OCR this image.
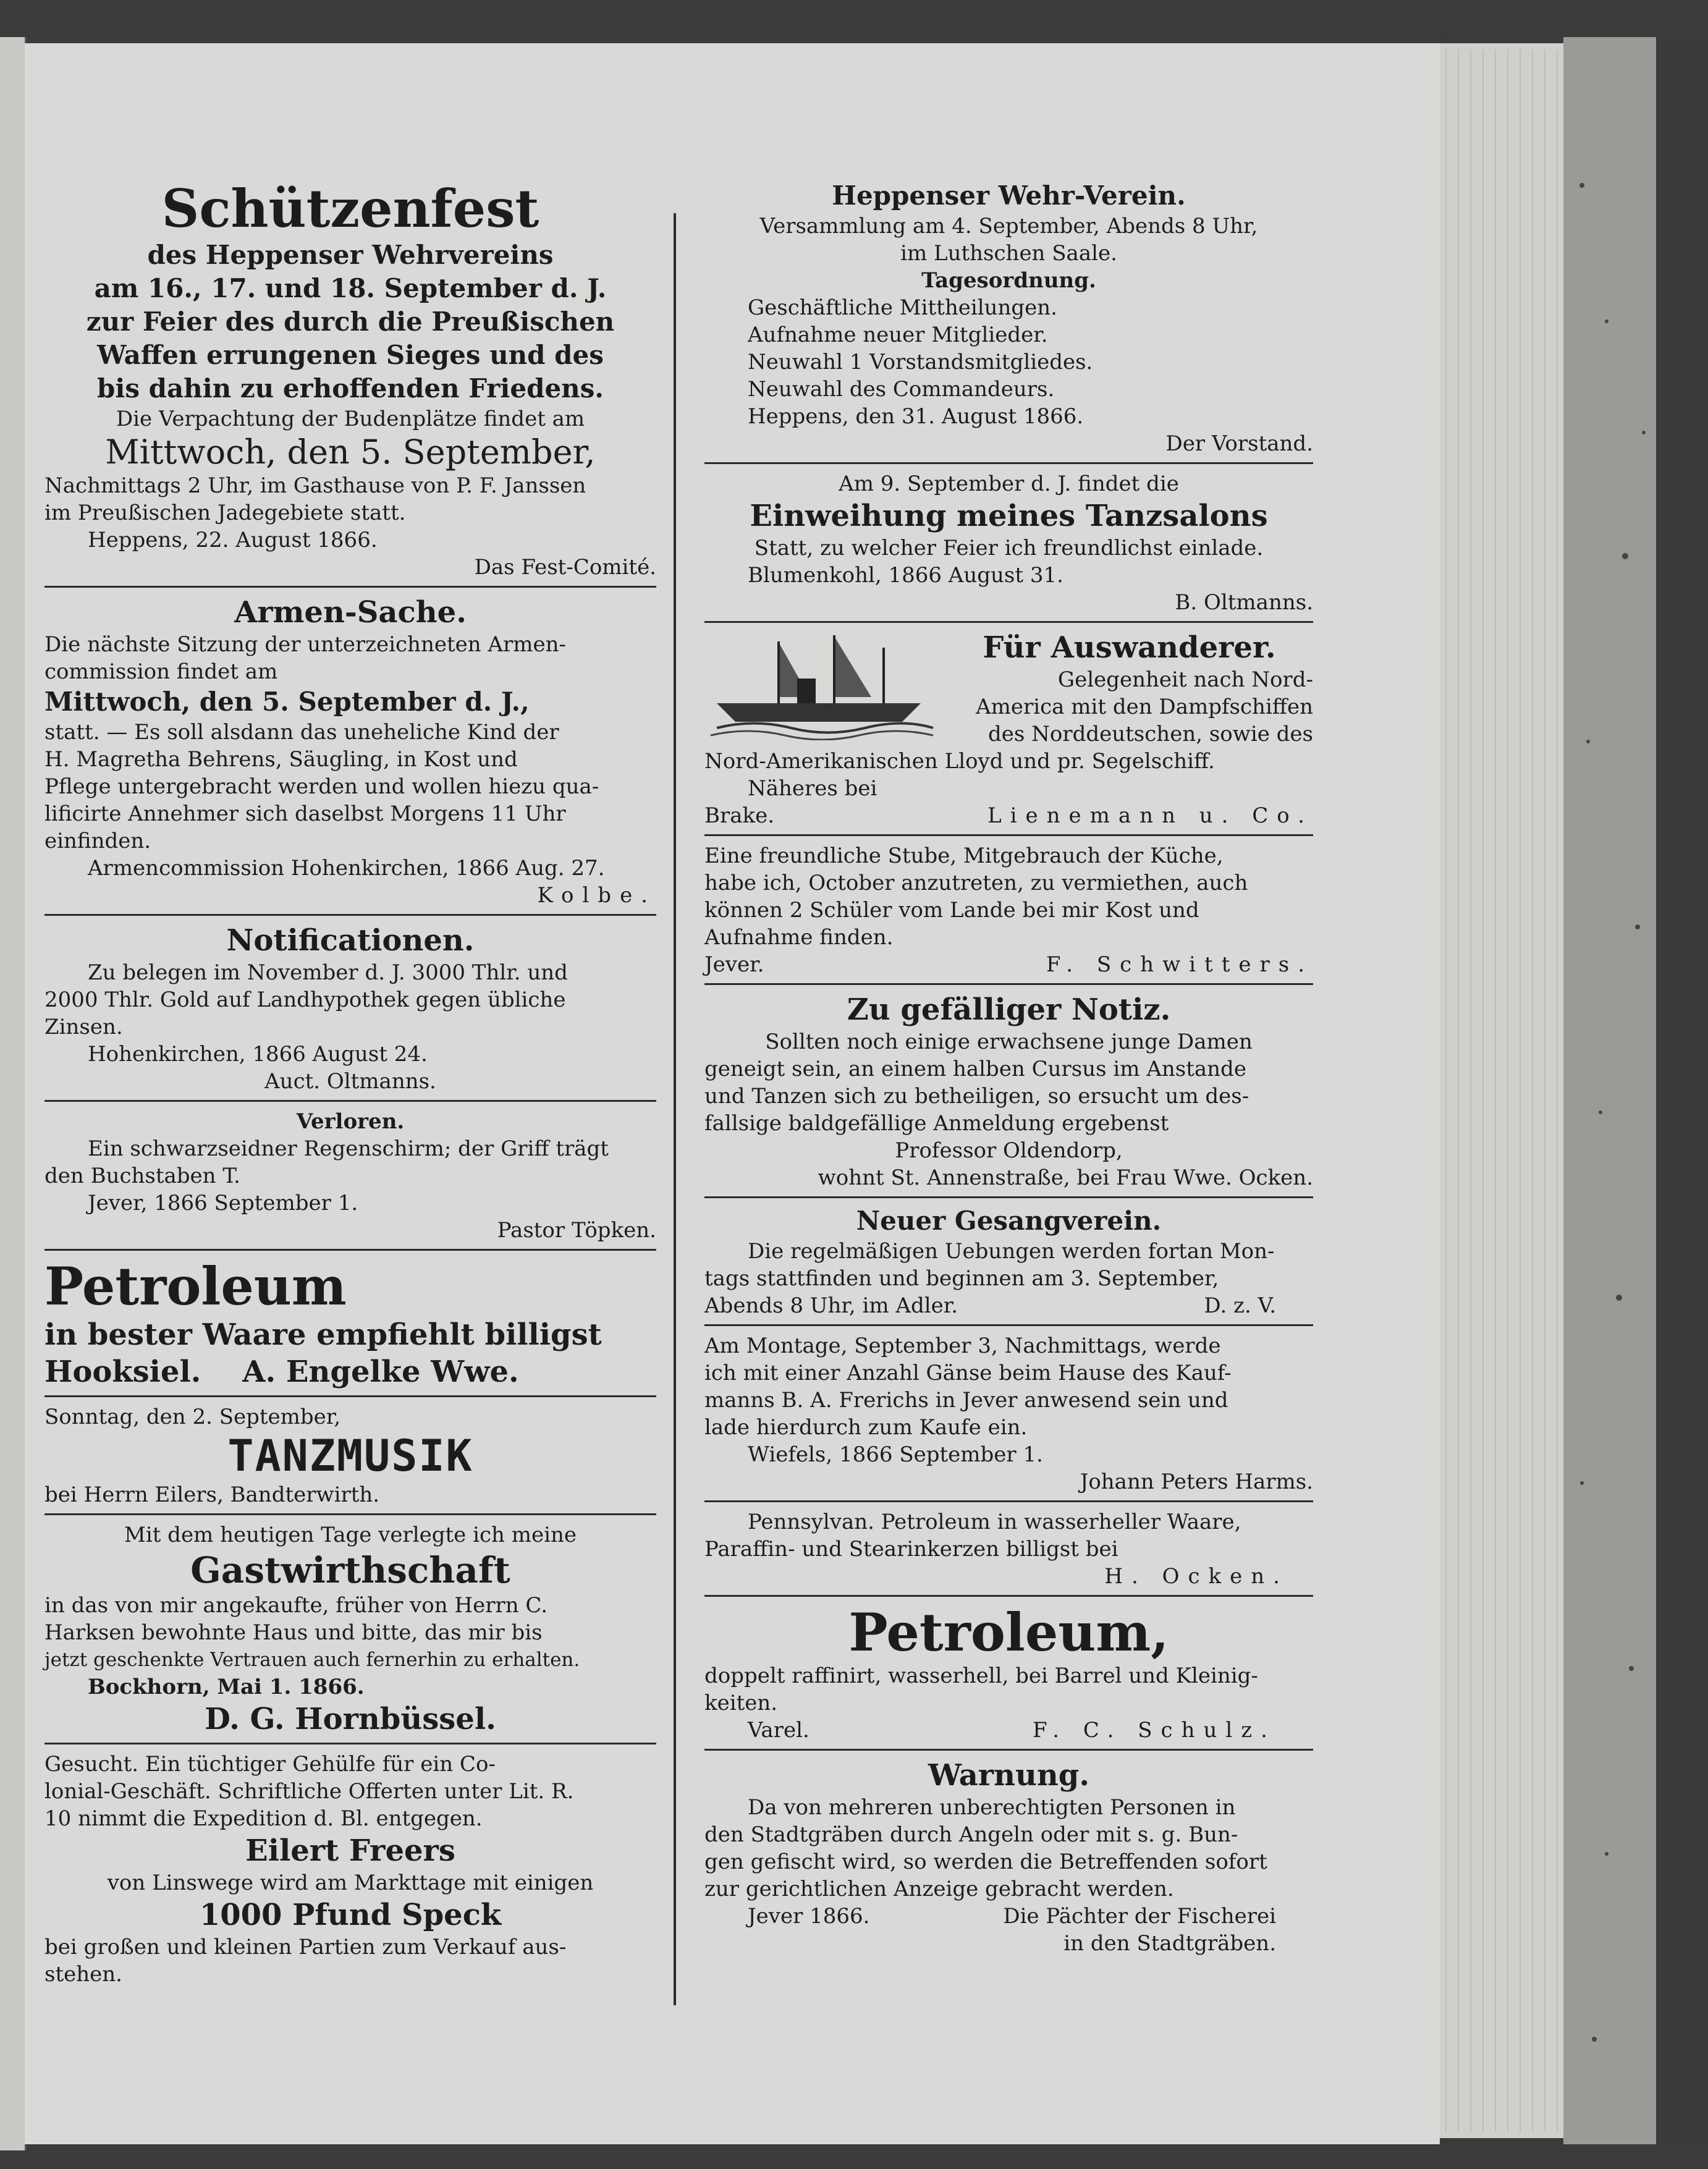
Schützenfest
des Heppenser Wehrvereins
am 16., 17. und 18. September d. J.
zur Feier des durch die Preußischen
Waffen errungenen Sieges und des
bis dahin zu erhoffenden Friedens.
Die Verpachtung der Budenplätze findet am
Mittwoch, den 5. September,
Nachmittags 2 Uhr, im Gasthause von P. F. Janssen
im Preußischen Jadegebiete statt.
Heppens, 22. August 1866.
Das Fest-Comité.
Armen-Sache.
Die nächste Sitzung der unterzeichneten Armen-
commission findet am
Mittwoch, den 5. September d. J.,
statt. — Es soll alsdann das uneheliche Kind der
H. Magretha Behrens, Säugling, in Kost und
Pflege untergebracht werden und wollen hiezu qua-
lificirte Annehmer sich daselbst Morgens 11 Uhr
einfinden.
Armencommission Hohenkirchen, 1866 Aug. 27.
Kolbe.
Notificationen.
Zu belegen im November d. J. 3000 Thlr. und
2000 Thlr. Gold auf Landhypothek gegen übliche
Zinsen.
Hohenkirchen, 1866 August 24.
Auct. Oltmanns.
Verloren.
Ein schwarzseidner Regenschirm; der Griff trägt
den Buchstaben T.
Jever, 1866 September 1.
Pastor Töpken.
Petroleum
in bester Waare empfiehlt billigst
Hooksiel.    A. Engelke Wwe.
Sonntag, den 2. September,
TANZMUSIK
bei Herrn Eilers, Bandterwirth.
Mit dem heutigen Tage verlegte ich meine
Gastwirthschaft
in das von mir angekaufte, früher von Herrn C.
Harksen bewohnte Haus und bitte, das mir bis
jetzt geschenkte Vertrauen auch fernerhin zu erhalten.
Bockhorn, Mai 1. 1866.
D. G. Hornbüssel.
Gesucht. Ein tüchtiger Gehülfe für ein Co-
lonial-Geschäft. Schriftliche Offerten unter Lit. R.
10 nimmt die Expedition d. Bl. entgegen.
Eilert Freers
von Linswege wird am Markttage mit einigen
1000 Pfund Speck
bei großen und kleinen Partien zum Verkauf aus-
stehen.
Heppenser Wehr-Verein.
Versammlung am 4. September, Abends 8 Uhr,
im Luthschen Saale.
Tagesordnung.
Geschäftliche Mittheilungen.
Aufnahme neuer Mitglieder.
Neuwahl 1 Vorstandsmitgliedes.
Neuwahl des Commandeurs.
Heppens, den 31. August 1866.
Der Vorstand.
Am 9. September d. J. findet die
Einweihung meines Tanzsalons
Statt, zu welcher Feier ich freundlichst einlade.
Blumenkohl, 1866 August 31.
B. Oltmanns.
Für Auswanderer.
Gelegenheit nach Nord-
America mit den Dampfschiffen
des Norddeutschen, sowie des
Nord-Amerikanischen Lloyd und pr. Segelschiff.
Näheres bei
Brake.	Lienemann u. Co.
Eine freundliche Stube, Mitgebrauch der Küche,
habe ich, October anzutreten, zu vermiethen, auch
können 2 Schüler vom Lande bei mir Kost und
Aufnahme finden.
Jever.	F. Schwitters.
Zu gefälliger Notiz.
Sollten noch einige erwachsene junge Damen
geneigt sein, an einem halben Cursus im Anstande
und Tanzen sich zu betheiligen, so ersucht um des-
fallsige baldgefällige Anmeldung ergebenst
Professor Oldendorp,
wohnt St. Annenstraße, bei Frau Wwe. Ocken.
Neuer Gesangverein.
Die regelmäßigen Uebungen werden fortan Mon-
tags stattfinden und beginnen am 3. September,
Abends 8 Uhr, im Adler.	D. z. V.
Am Montage, September 3, Nachmittags, werde
ich mit einer Anzahl Gänse beim Hause des Kauf-
manns B. A. Frerichs in Jever anwesend sein und
lade hierdurch zum Kaufe ein.
Wiefels, 1866 September 1.
Johann Peters Harms.
Pennsylvan. Petroleum in wasserheller Waare,
Paraffin- und Stearinkerzen billigst bei
H. Ocken.
Petroleum,
doppelt raffinirt, wasserhell, bei Barrel und Kleinig-
keiten.
Varel.	F. C. Schulz.
Warnung.
Da von mehreren unberechtigten Personen in
den Stadtgräben durch Angeln oder mit s. g. Bun-
gen gefischt wird, so werden die Betreffenden sofort
zur gerichtlichen Anzeige gebracht werden.
Jever 1866.	Die Pächter der Fischerei
in den Stadtgräben.
